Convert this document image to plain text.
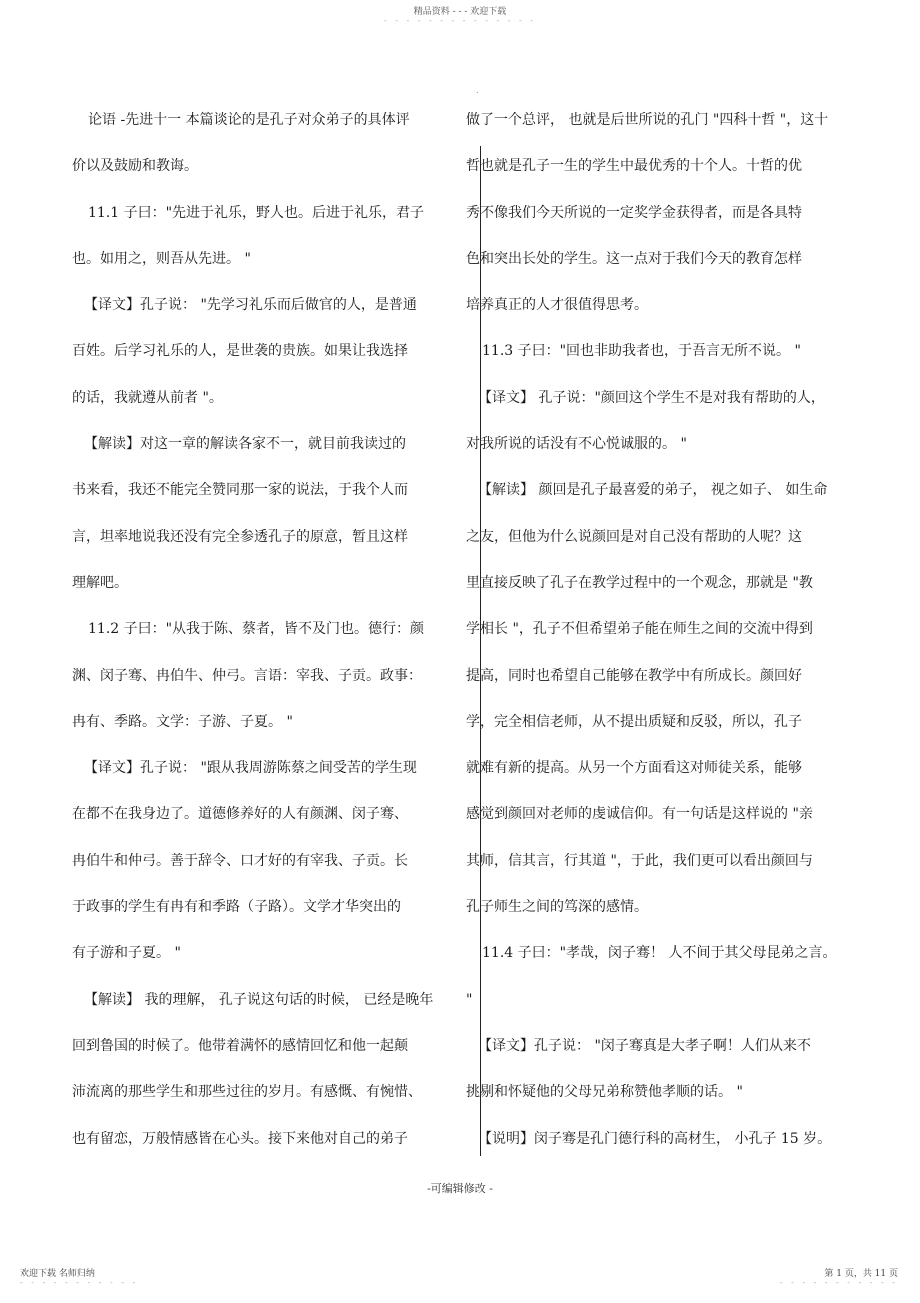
精品资料 - - - 欢迎下载
- - - - - - - - - - - - - -
.
论语 -先进十一 本篇谈论的是孔子对众弟子的具体评
价以及鼓励和教诲。
11.1 子曰："先进于礼乐，野人也。后进于礼乐，君子
也。如用之，则吾从先进。 "
【译文】孔子说： "先学习礼乐而后做官的人，是普通
百姓。后学习礼乐的人，是世袭的贵族。如果让我选择
的话，我就遵从前者 "。
【解读】对这一章的解读各家不一，就目前我读过的
书来看，我还不能完全赞同那一家的说法，于我个人而
言，坦率地说我还没有完全参透孔子的原意，暂且这样
理解吧。
11.2 子曰："从我于陈、蔡者，皆不及门也。德行：颜
渊、闵子骞、冉伯牛、仲弓。言语：宰我、子贡。政事：
冉有、季路。文学：子游、子夏。 "
【译文】孔子说： "跟从我周游陈蔡之间受苦的学生现
在都不在我身边了。道德修养好的人有颜渊、闵子骞、
冉伯牛和仲弓。善于辞令、口才好的有宰我、子贡。长
于政事的学生有冉有和季路（子路）。文学才华突出的
有子游和子夏。 "
【解读】 我的理解， 孔子说这句话的时候， 已经是晚年
回到鲁国的时候了。他带着满怀的感情回忆和他一起颠
沛流离的那些学生和那些过往的岁月。有感慨、有惋惜、
也有留恋，万般情感皆在心头。接下来他对自己的弟子
做了一个总评， 也就是后世所说的孔门 "四科十哲 "，这十
哲也就是孔子一生的学生中最优秀的十个人。十哲的优
秀不像我们今天所说的一定奖学金获得者，而是各具特
色和突出长处的学生。这一点对于我们今天的教育怎样
培养真正的人才很值得思考。
11.3 子曰："回也非助我者也，于吾言无所不说。 "
【译文】 孔子说："颜回这个学生不是对我有帮助的人，
对我所说的话没有不心悦诚服的。 "
【解读】 颜回是孔子最喜爱的弟子， 视之如子、 如生命
之友，但他为什么说颜回是对自己没有帮助的人呢？这
里直接反映了孔子在教学过程中的一个观念，那就是 "教
学相长 "，孔子不但希望弟子能在师生之间的交流中得到
提高，同时也希望自己能够在教学中有所成长。颜回好
学，完全相信老师，从不提出质疑和反驳，所以，孔子
就难有新的提高。从另一个方面看这对师徒关系，能够
感觉到颜回对老师的虔诚信仰。有一句话是这样说的 "亲
其师，信其言，行其道 "，于此，我们更可以看出颜回与
孔子师生之间的笃深的感情。
11.4 子曰："孝哉，闵子骞！ 人不间于其父母昆弟之言。
"
【译文】孔子说： "闵子骞真是大孝子啊！人们从来不
挑剔和怀疑他的父母兄弟称赞他孝顺的话。 "
【说明】闵子骞是孔门德行科的高材生， 小孔子 15 岁。
-可编辑修改 -
欢迎下载 名师归纳
- - - - - - - - - - -
第 1 页，共 11 页
- - - - - - - - - - -
